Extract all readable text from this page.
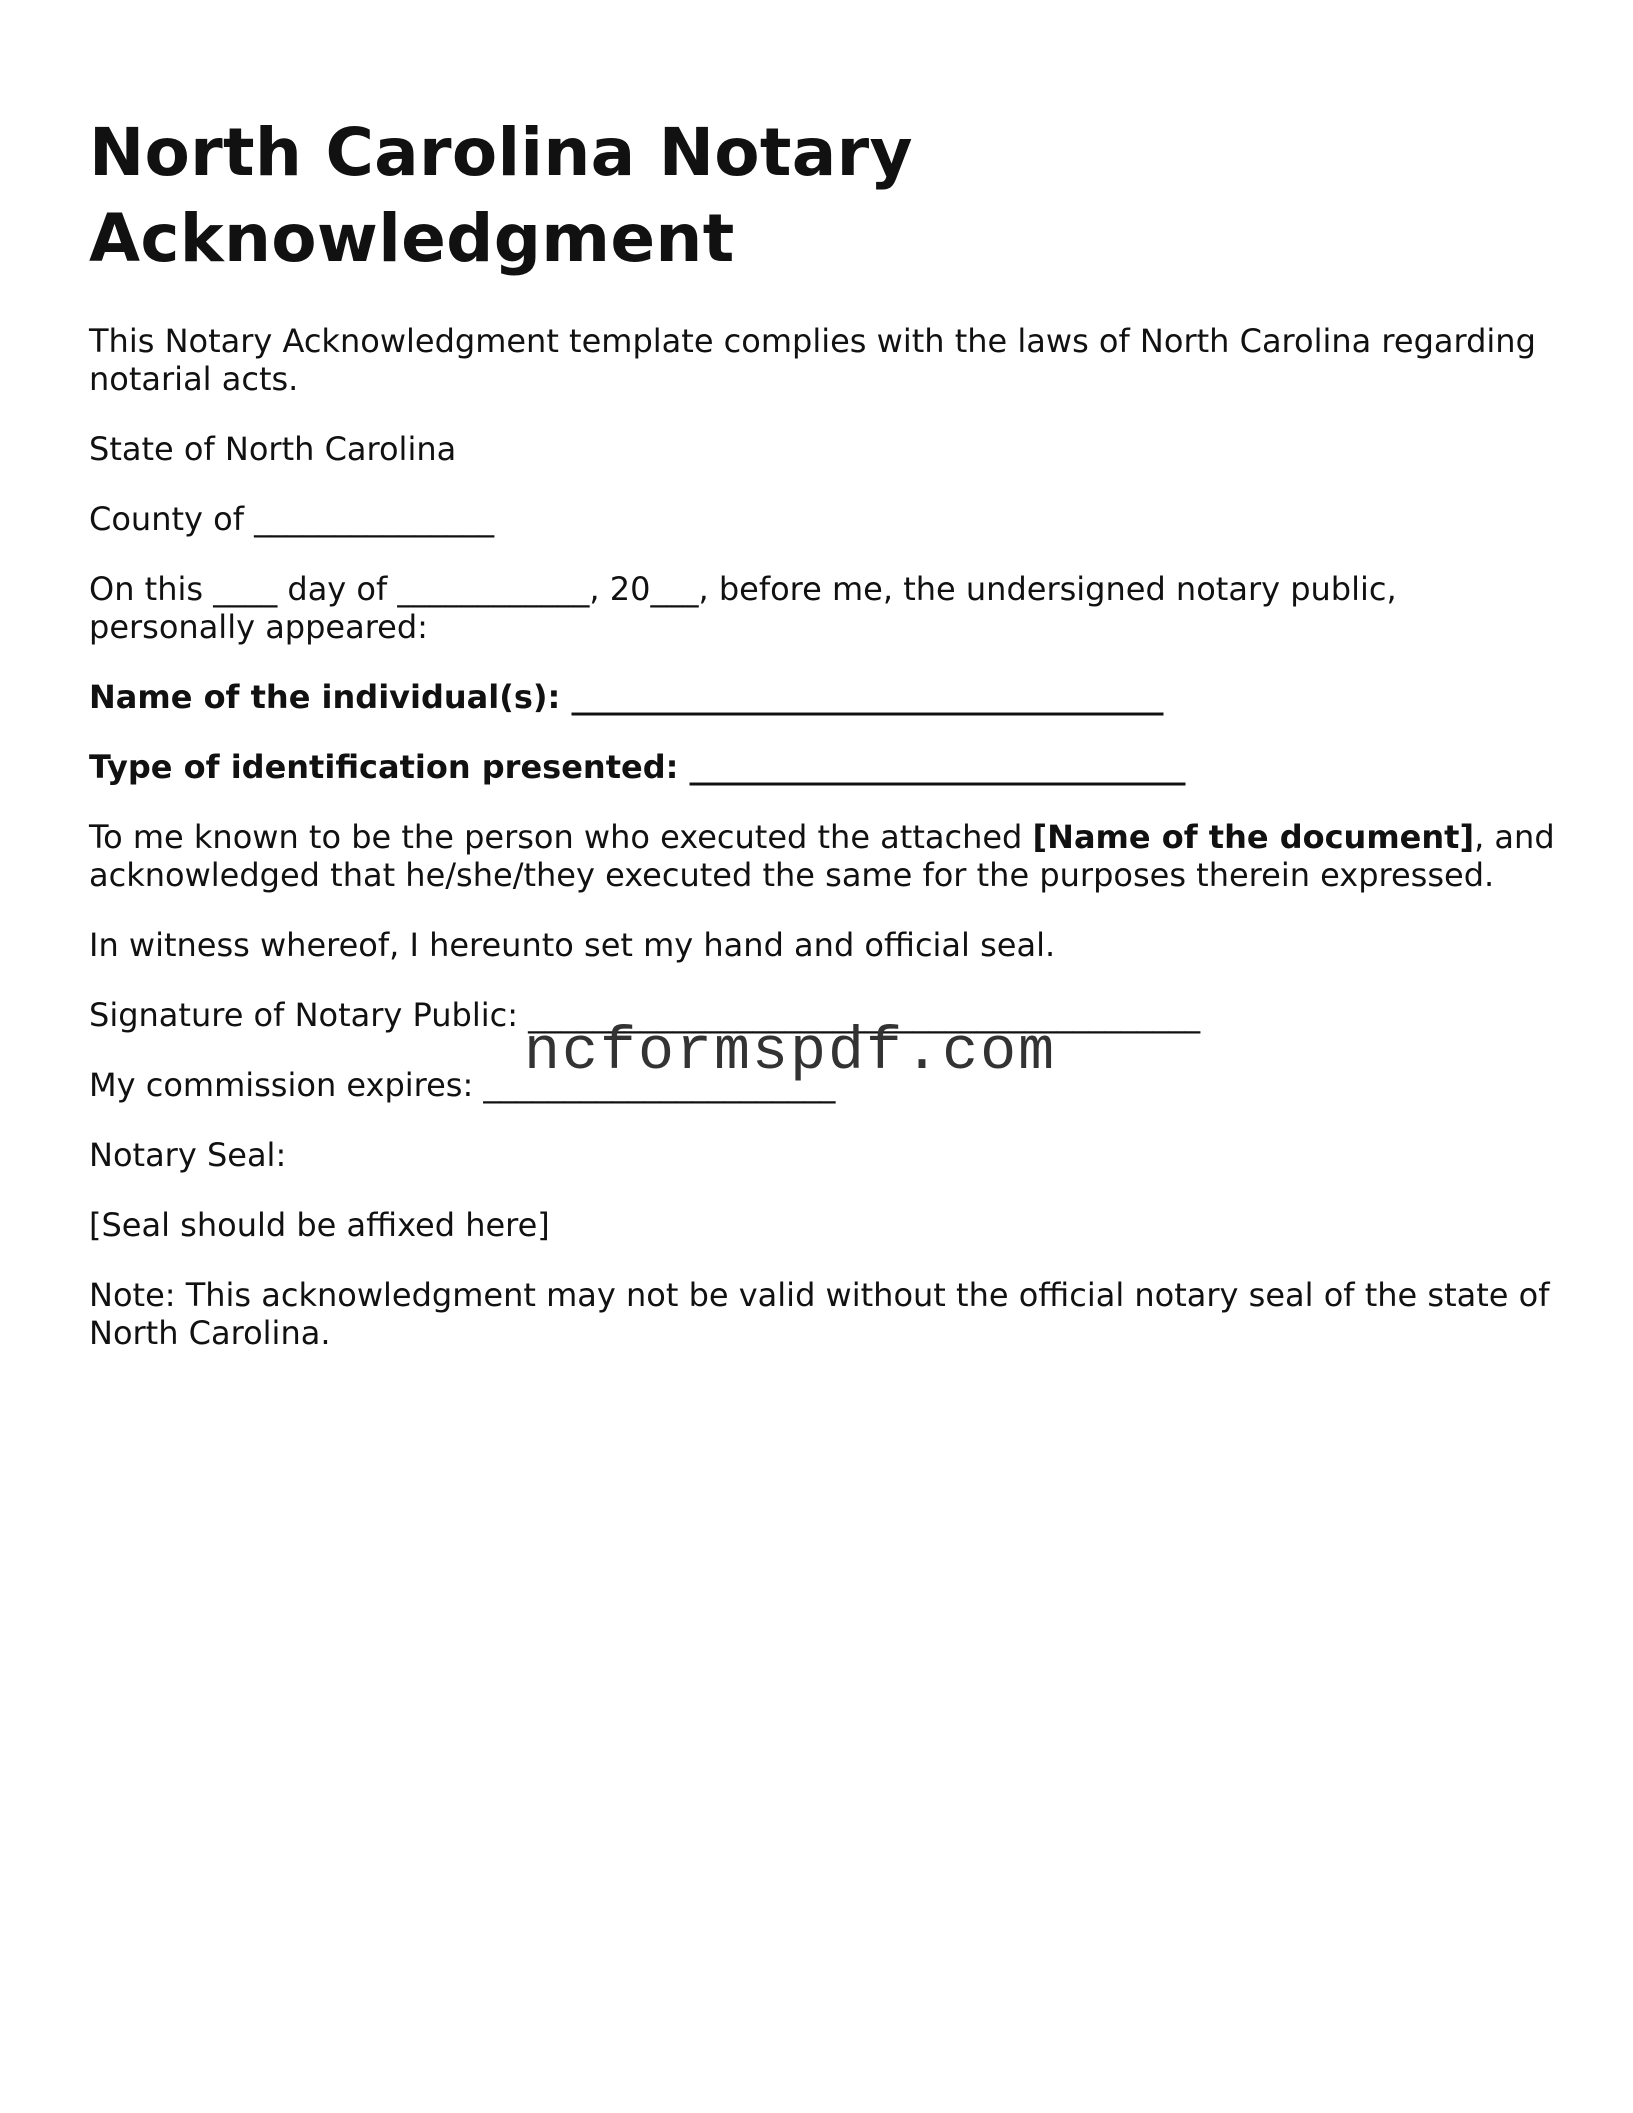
North Carolina Notary Acknowledgment

This Notary Acknowledgment template complies with the laws of North Carolina regarding notarial acts.

State of North Carolina

County of _______________

On this ____ day of ____________, 20___, before me, the undersigned notary public, personally appeared:

Name of the individual(s): _____________________________________

Type of identification presented: _______________________________

To me known to be the person who executed the attached [Name of the document], and acknowledged that he/she/they executed the same for the purposes therein expressed.

In witness whereof, I hereunto set my hand and official seal.

Signature of Notary Public: __________________________________________

My commission expires: ______________________

Notary Seal:

[Seal should be affixed here]

Note: This acknowledgment may not be valid without the official notary seal of the state of North Carolina.

ncformspdf.com
